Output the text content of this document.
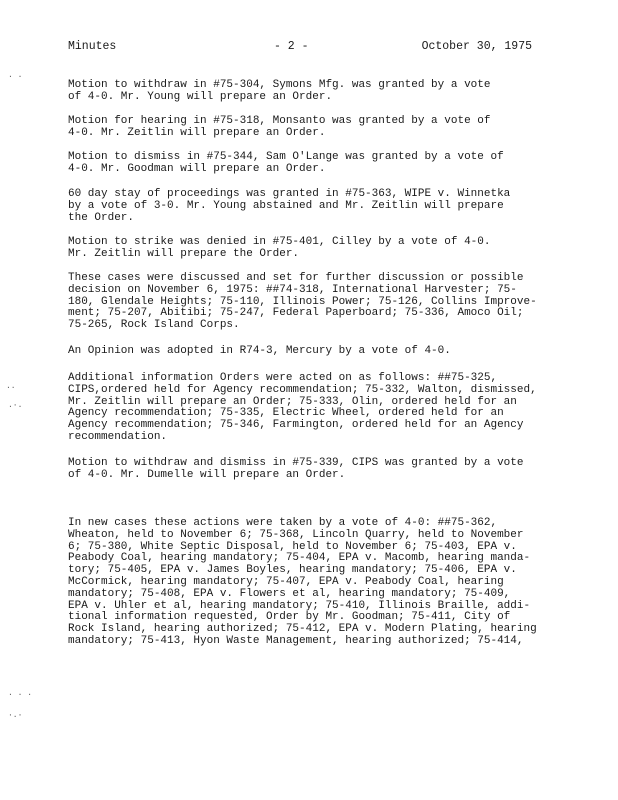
Minutes	- 2 -	October 30, 1975
. .
..
.·.
. . .
·.·

Motion to withdraw in #75-304, Symons Mfg. was granted by a vote
of 4-0. Mr. Young will prepare an Order.

Motion for hearing in #75-318, Monsanto was granted by a vote of
4-0. Mr. Zeitlin will prepare an Order.

Motion to dismiss in #75-344, Sam O'Lange was granted by a vote of
4-0. Mr. Goodman will prepare an Order.

60 day stay of proceedings was granted in #75-363, WIPE v. Winnetka
by a vote of 3-0. Mr. Young abstained and Mr. Zeitlin will prepare
the Order.

Motion to strike was denied in #75-401, Cilley by a vote of 4-0.
Mr. Zeitlin will prepare the Order.

These cases were discussed and set for further discussion or possible
decision on November 6, 1975: ##74-318, International Harvester; 75-
180, Glendale Heights; 75-110, Illinois Power; 75-126, Collins Improve-
ment; 75-207, Abitibi; 75-247, Federal Paperboard; 75-336, Amoco Oil;
75-265, Rock Island Corps.

An Opinion was adopted in R74-3, Mercury by a vote of 4-0.

Additional information Orders were acted on as follows: ##75-325,
CIPS,ordered held for Agency recommendation; 75-332, Walton, dismissed,
Mr. Zeitlin will prepare an Order; 75-333, Olin, ordered held for an
Agency recommendation; 75-335, Electric Wheel, ordered held for an
Agency recommendation; 75-346, Farmington, ordered held for an Agency
recommendation.

Motion to withdraw and dismiss in #75-339, CIPS was granted by a vote
of 4-0. Mr. Dumelle will prepare an Order.

In new cases these actions were taken by a vote of 4-0: ##75-362,
Wheaton, held to November 6; 75-368, Lincoln Quarry, held to November
6; 75-380, White Septic Disposal, held to November 6; 75-403, EPA v.
Peabody Coal, hearing mandatory; 75-404, EPA v. Macomb, hearing manda-
tory; 75-405, EPA v. James Boyles, hearing mandatory; 75-406, EPA v.
McCormick, hearing mandatory; 75-407, EPA v. Peabody Coal, hearing
mandatory; 75-408, EPA v. Flowers et al, hearing mandatory; 75-409,
EPA v. Uhler et al, hearing mandatory; 75-410, Illinois Braille, addi-
tional information requested, Order by Mr. Goodman; 75-411, City of
Rock Island, hearing authorized; 75-412, EPA v. Modern Plating, hearing
mandatory; 75-413, Hyon Waste Management, hearing authorized; 75-414,
